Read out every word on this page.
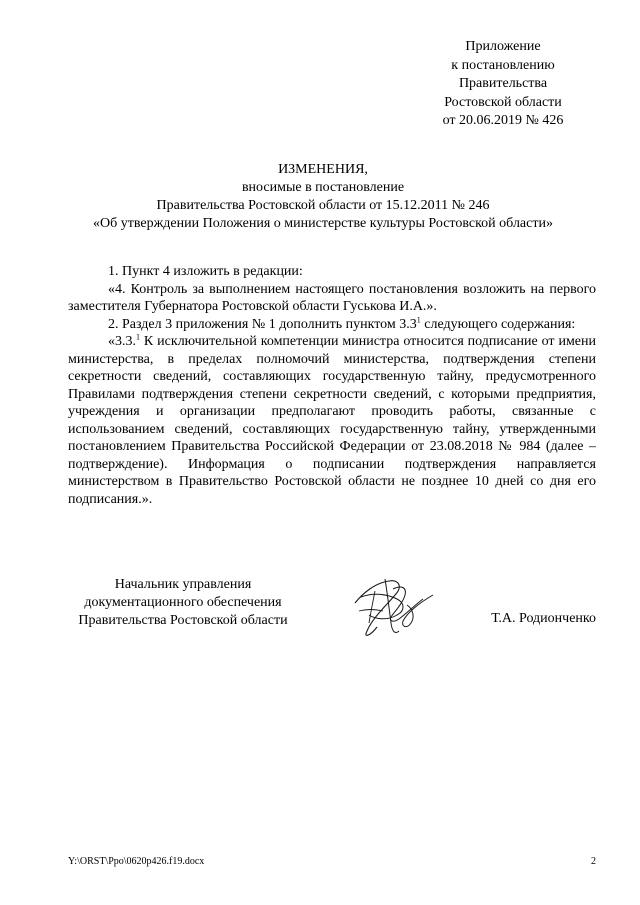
Приложение
к постановлению
Правительства
Ростовской области
от 20.06.2019 № 426
ИЗМЕНЕНИЯ,
вносимые в постановление
Правительства Ростовской области от 15.12.2011 № 246
«Об утверждении Положения о министерстве культуры Ростовской области»

1. Пункт 4 изложить в редакции:

«4. Контроль за выполнением настоящего постановления возложить на первого заместителя Губернатора Ростовской области Гуськова И.А.».

2. Раздел 3 приложения № 1 дополнить пунктом $3.3^1$ следующего содержания:

«3.3.$^1$ К исключительной компетенции министра относится подписание от имени министерства, в пределах полномочий министерства, подтверждения степени секретности сведений, составляющих государственную тайну, предусмотренного Правилами подтверждения степени секретности сведений, с которыми предприятия, учреждения и организации предполагают проводить работы, связанные с использованием сведений, составляющих государственную тайну, утвержденными постановлением Правительства Российской Федерации от 23.08.2018 № 984 (далее – подтверждение). Информация о подписании подтверждения направляется министерством в Правительство Ростовской области не позднее 10 дней со дня его подписания.».

Начальник управления
документационного обеспечения
Правительства Ростовской области	Т.А. Родионченко
Y:\ORST\Ppo\0620p426.f19.docx	2
